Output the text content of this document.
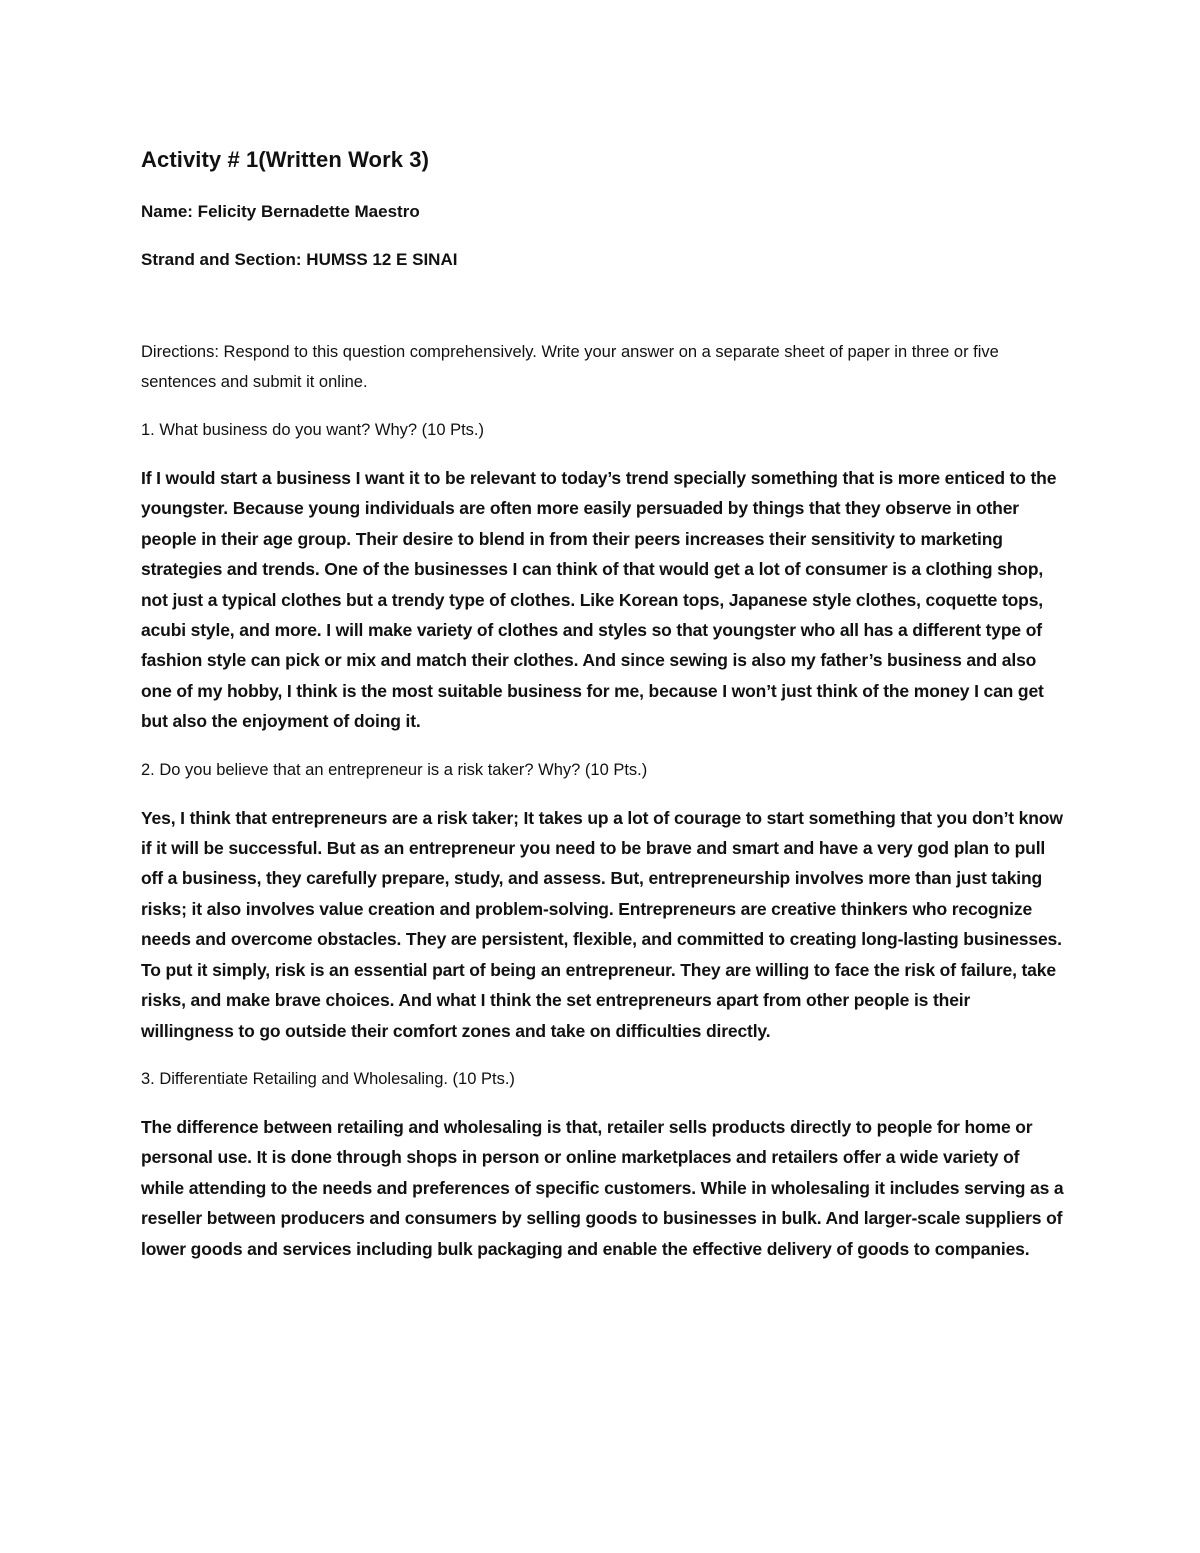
Activity # 1(Written Work 3)

Name: Felicity Bernadette Maestro

Strand and Section: HUMSS 12 E SINAI

Directions: Respond to this question comprehensively. Write your answer on a separate sheet of paper in three or five sentences and submit it online.

1. What business do you want? Why? (10 Pts.)

If I would start a business I want it to be relevant to today’s trend specially something that is more enticed to the youngster. Because young individuals are often more easily persuaded by things that they observe in other people in their age group. Their desire to blend in from their peers increases their sensitivity to marketing strategies and trends. One of the businesses I can think of that would get a lot of consumer is a clothing shop, not just a typical clothes but a trendy type of clothes. Like Korean tops, Japanese style clothes, coquette tops, acubi style, and more. I will make variety of clothes and styles so that youngster who all has a different type of fashion style can pick or mix and match their clothes. And since sewing is also my father’s business and also one of my hobby, I think is the most suitable business for me, because I won’t just think of the money I can get but also the enjoyment of doing it.

2. Do you believe that an entrepreneur is a risk taker? Why? (10 Pts.)

Yes, I think that entrepreneurs are a risk taker; It takes up a lot of courage to start something that you don’t know if it will be successful. But as an entrepreneur you need to be brave and smart and have a very god plan to pull off a business, they carefully prepare, study, and assess. But, entrepreneurship involves more than just taking risks; it also involves value creation and problem-solving. Entrepreneurs are creative thinkers who recognize needs and overcome obstacles. They are persistent, flexible, and committed to creating long-lasting businesses. To put it simply, risk is an essential part of being an entrepreneur. They are willing to face the risk of failure, take risks, and make brave choices. And what I think the set entrepreneurs apart from other people is their willingness to go outside their comfort zones and take on difficulties directly.

3. Differentiate Retailing and Wholesaling. (10 Pts.)

The difference between retailing and wholesaling is that, retailer sells products directly to people for home or personal use. It is done through shops in person or online marketplaces and retailers offer a wide variety of while attending to the needs and preferences of specific customers. While in wholesaling it includes serving as a reseller between producers and consumers by selling goods to businesses in bulk. And larger-scale suppliers of lower goods and services including bulk packaging and enable the effective delivery of goods to companies.
